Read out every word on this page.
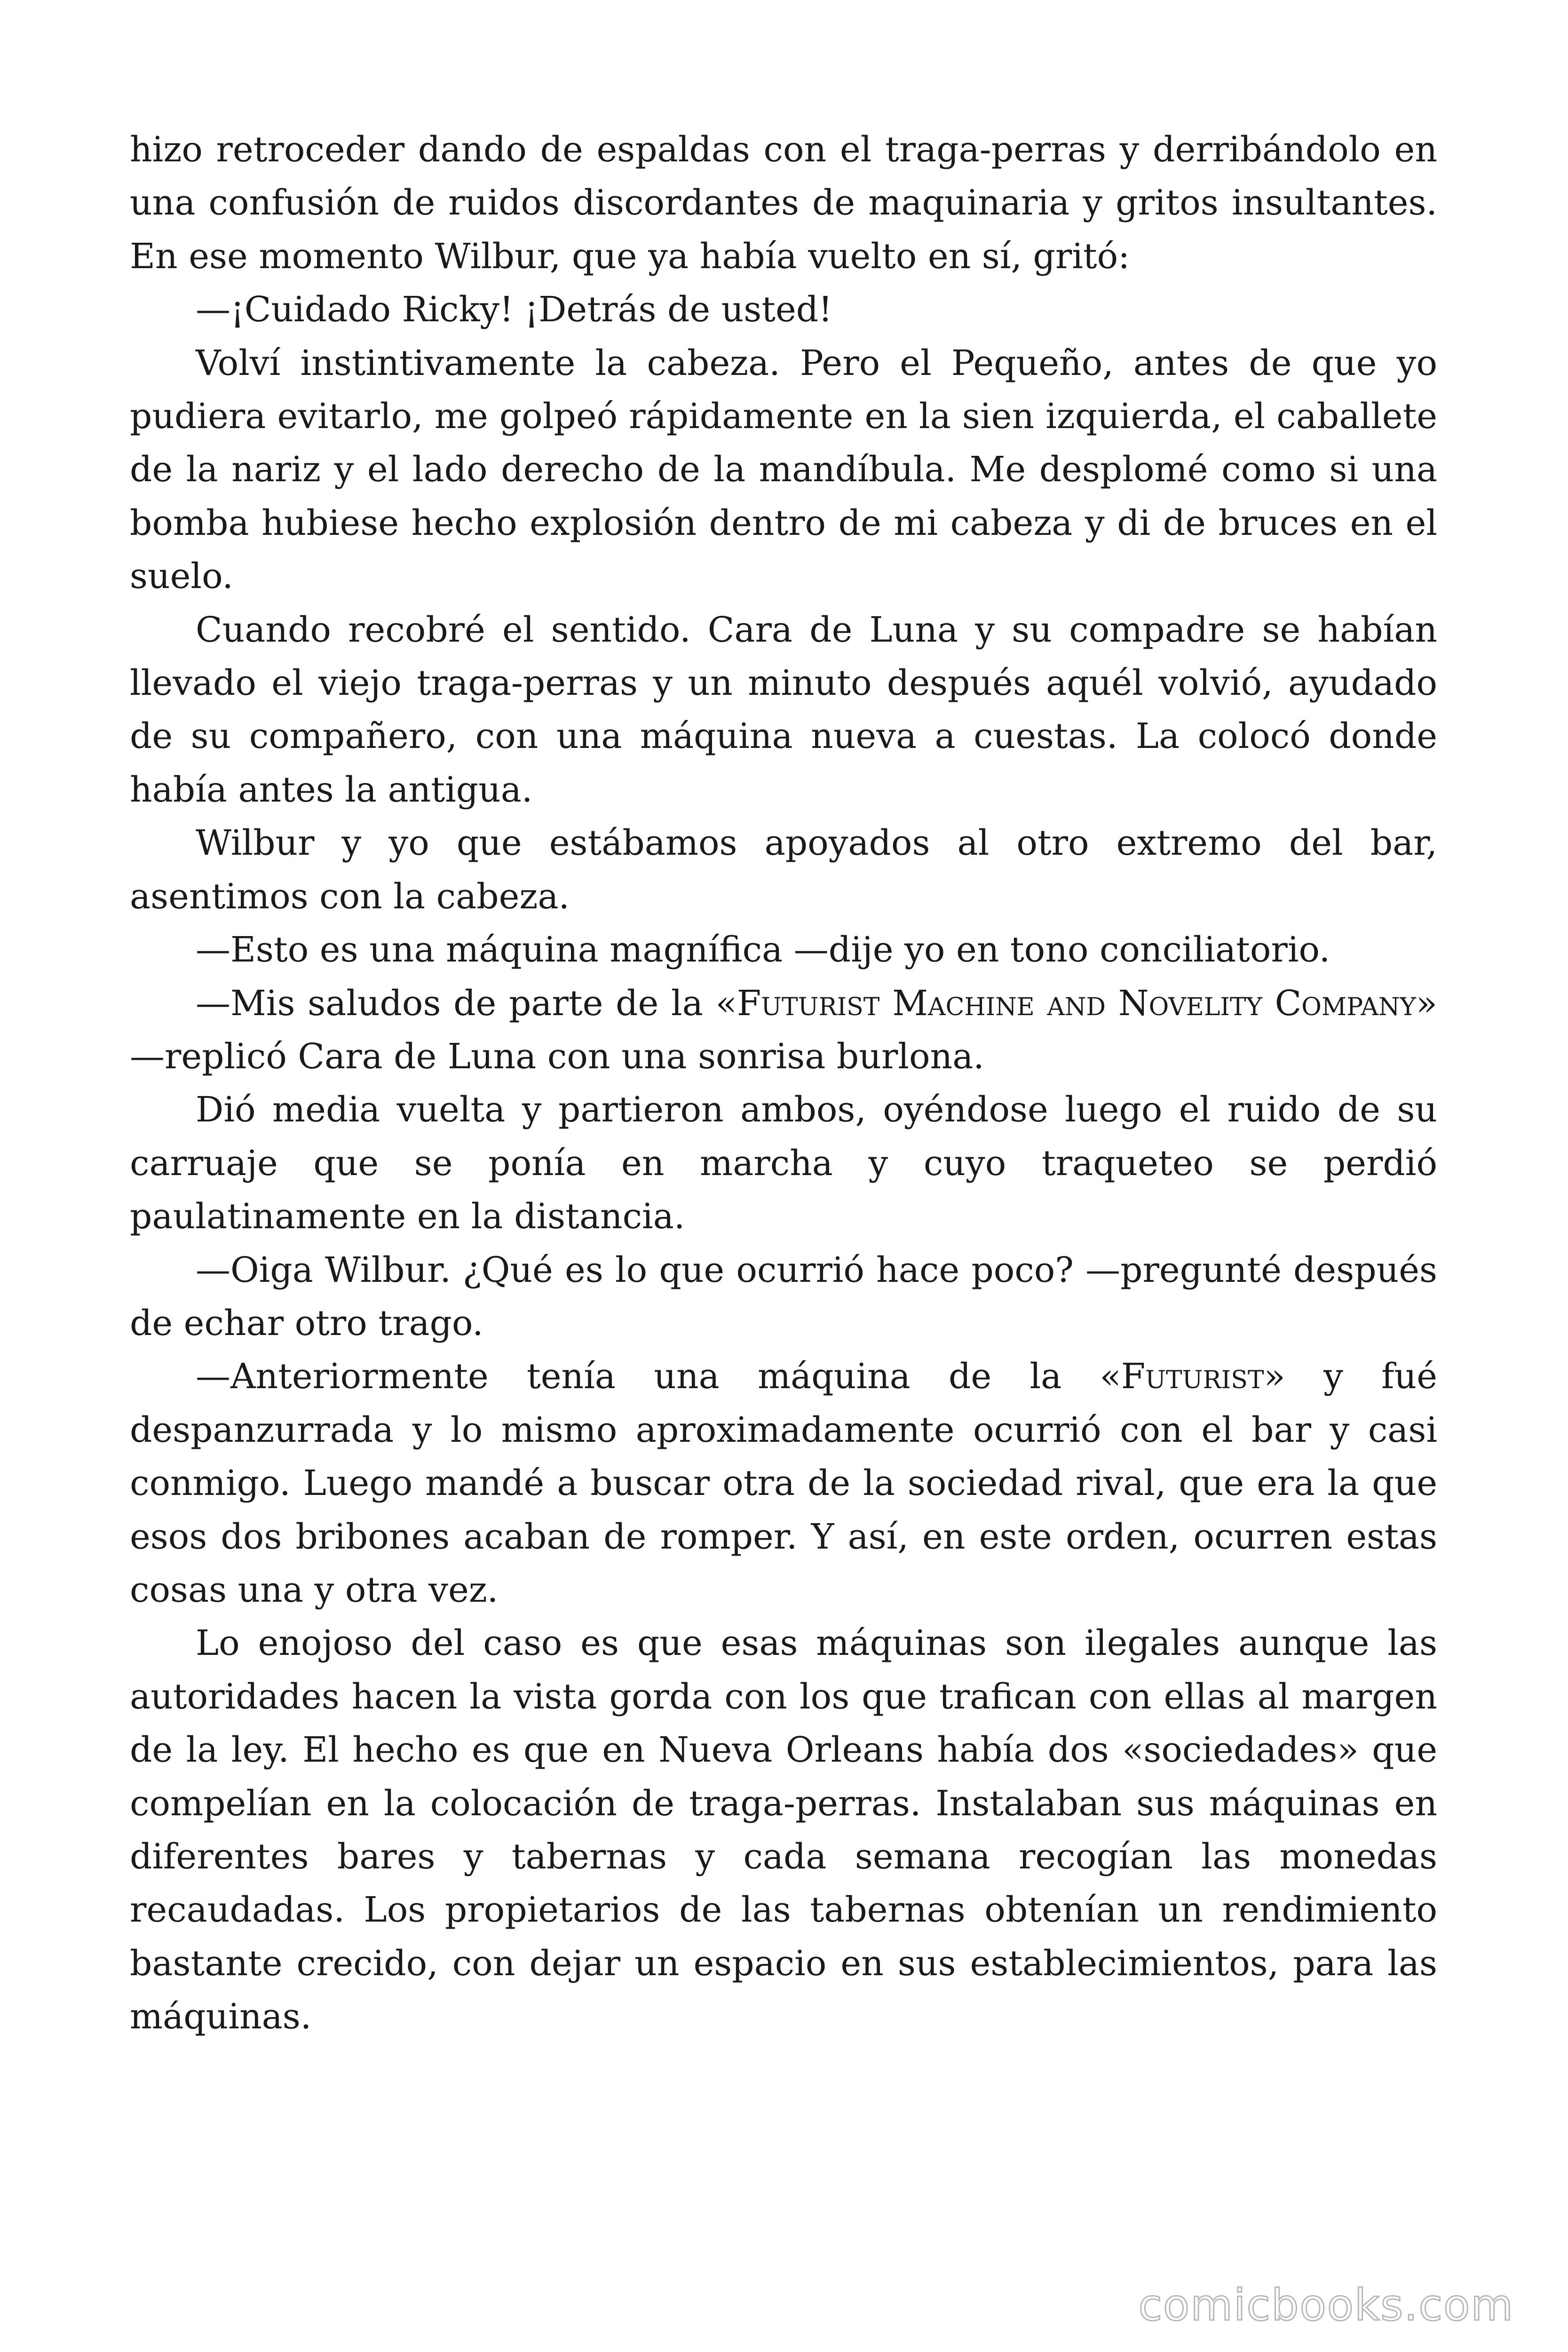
hizo retroceder dando de espaldas con el traga-perras y derribándolo en una confusión de ruidos discordantes de maquinaria y gritos insultantes. En ese momento Wilbur, que ya había vuelto en sí, gritó:

—¡Cuidado Ricky! ¡Detrás de usted!

Volví instintivamente la cabeza. Pero el Pequeño, antes de que yo pudiera evitarlo, me golpeó rápidamente en la sien izquierda, el caballete de la nariz y el lado derecho de la mandíbula. Me desplomé como si una bomba hubiese hecho explosión dentro de mi cabeza y di de bruces en el suelo.

Cuando recobré el sentido. Cara de Luna y su compadre se habían llevado el viejo traga-perras y un minuto después aquél volvió, ayudado de su compañero, con una máquina nueva a cuestas. La colocó donde había antes la antigua.

Wilbur y yo que estábamos apoyados al otro extremo del bar, asentimos con la cabeza.

—Esto es una máquina magnífica —dije yo en tono conciliatorio.

—Mis saludos de parte de la «Futurist Machine and Novelity Company» —replicó Cara de Luna con una sonrisa burlona.

Dió media vuelta y partieron ambos, oyéndose luego el ruido de su carruaje que se ponía en marcha y cuyo traqueteo se perdió paulatinamente en la distancia.

—Oiga Wilbur. ¿Qué es lo que ocurrió hace poco? —pregunté después de echar otro trago.

—Anteriormente tenía una máquina de la «Futurist» y fué despanzurrada y lo mismo aproximadamente ocurrió con el bar y casi conmigo. Luego mandé a buscar otra de la sociedad rival, que era la que esos dos bribones acaban de romper. Y así, en este orden, ocurren estas cosas una y otra vez.

Lo enojoso del caso es que esas máquinas son ilegales aunque las autoridades hacen la vista gorda con los que trafican con ellas al margen de la ley. El hecho es que en Nueva Orleans había dos «sociedades» que compelían en la colocación de traga-perras. Instalaban sus máquinas en diferentes bares y tabernas y cada semana recogían las monedas recaudadas. Los propietarios de las tabernas obtenían un rendimiento bastante crecido, con dejar un espacio en sus establecimientos, para las máquinas.

comicbooks.com
